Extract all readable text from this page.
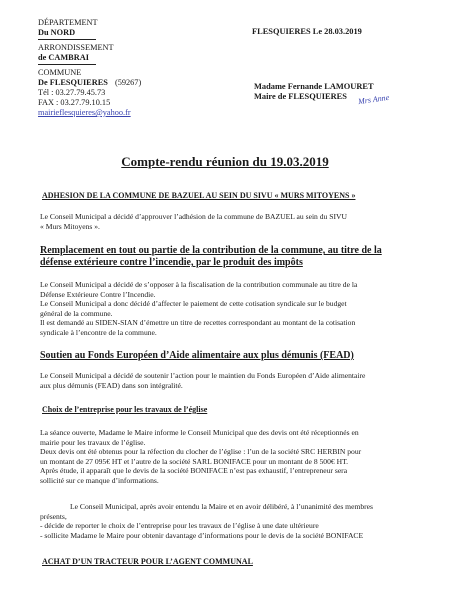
DÉPARTEMENT
Du NORD
ARRONDISSEMENT
de CAMBRAI
COMMUNE
De FLESQUIERES (59267)
Tél : 03.27.79.45.73
FAX : 03.27.79.10.15
mairieflesquieres@yahoo.fr
FLESQUIERES Le 28.03.2019
Madame Fernande LAMOURET
Maire de FLESQUIERES	Mrs Anne
Compte-rendu réunion du 19.03.2019
ADHESION DE LA COMMUNE DE BAZUEL AU SEIN DU SIVU « MURS MITOYENS »

Le Conseil Municipal a décidé d’approuver l’adhésion de la commune de BAZUEL au sein du SIVU

« Murs Mitoyens ».

Remplacement en tout ou partie de la contribution de la commune, au titre de la
défense extérieure contre l’incendie, par le produit des impôts

Le Conseil Municipal a décidé de s’opposer à la fiscalisation de la contribution communale au titre de la

Défense Extérieure Contre l’Incendie.

Le Conseil Municipal a donc décidé d’affecter le paiement de cette cotisation syndicale sur le budget

général de la commune.

Il est demandé au SIDEN-SIAN d’émettre un titre de recettes correspondant au montant de la cotisation

syndicale à l’encontre de la commune.

Soutien au Fonds Européen d’Aide alimentaire aux plus démunis (FEAD)

Le Conseil Municipal a décidé de soutenir l’action pour le maintien du Fonds Européen d’Aide alimentaire

aux plus démunis (FEAD) dans son intégralité.

Choix de l’entreprise pour les travaux de l’église

La séance ouverte, Madame le Maire informe le Conseil Municipal que des devis ont été réceptionnés en

mairie pour les travaux de l’église.

Deux devis ont été obtenus pour la réfection du clocher de l’église : l’un de la société SRC HERBIN pour

un montant de 27 095€ HT et l’autre de la société SARL BONIFACE pour un montant de 8 500€ HT.

Après étude, il apparaît que le devis de la société BONIFACE n’est pas exhaustif, l’entrepreneur sera

sollicité sur ce manque d’informations.

Le Conseil Municipal, après avoir entendu la Maire et en avoir délibéré, à l’unanimité des membres

présents,

- décide de reporter le choix de l’entreprise pour les travaux de l’église à une date ultérieure

- sollicite Madame le Maire pour obtenir davantage d’informations pour le devis de la société BONIFACE

ACHAT D’UN TRACTEUR POUR L’AGENT COMMUNAL
